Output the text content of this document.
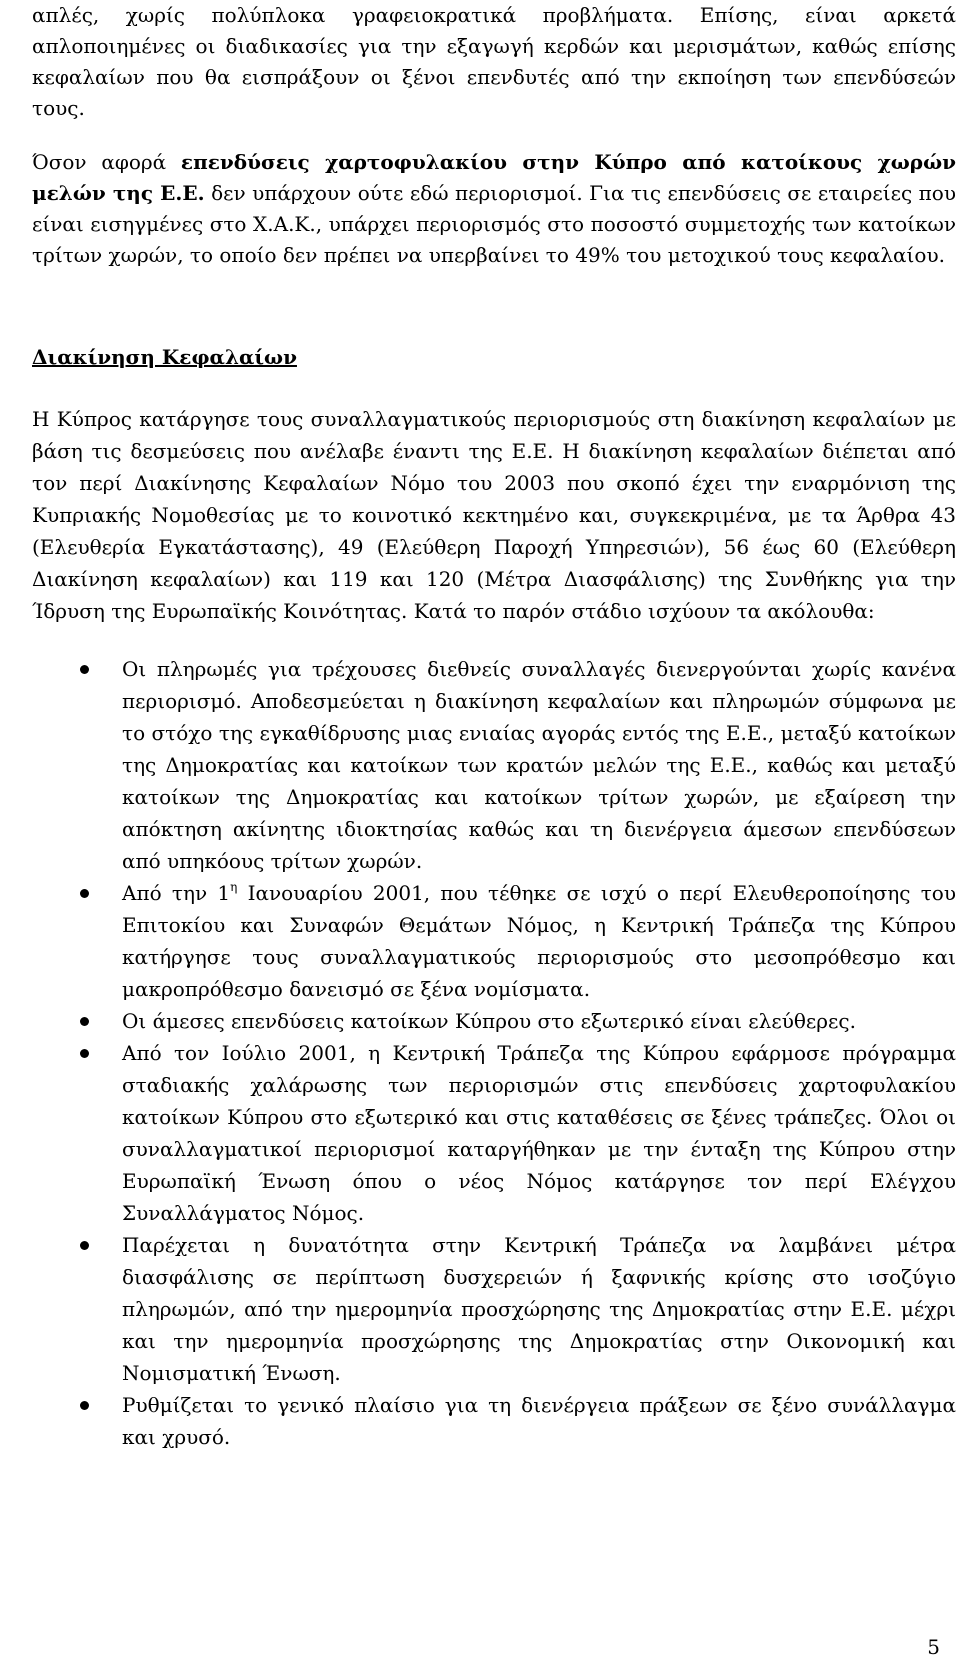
απλές, χωρίς πολύπλοκα γραφειοκρατικά προβλήματα. Επίσης, είναι αρκετά απλοποιημένες οι διαδικασίες για την εξαγωγή κερδών και μερισμάτων, καθώς επίσης κεφαλαίων που θα εισπράξουν οι ξένοι επενδυτές από την εκποίηση των επενδύσεών τους.

Όσον αφορά επενδύσεις χαρτοφυλακίου στην Κύπρο από κατοίκους χωρών μελών της Ε.Ε. δεν υπάρχουν ούτε εδώ περιορισμοί. Για τις επενδύσεις σε εταιρείες που είναι εισηγμένες στο Χ.Α.Κ., υπάρχει περιορισμός στο ποσοστό συμμετοχής των κατοίκων τρίτων χωρών, το οποίο δεν πρέπει να υπερβαίνει το 49% του μετοχικού τους κεφαλαίου.

Διακίνηση Κεφαλαίων

Η Κύπρος κατάργησε τους συναλλαγματικούς περιορισμούς στη διακίνηση κεφαλαίων με βάση τις δεσμεύσεις που ανέλαβε έναντι της Ε.Ε. Η διακίνηση κεφαλαίων διέπεται από τον περί Διακίνησης Κεφαλαίων Νόμο του 2003 που σκοπό έχει την εναρμόνιση της Κυπριακής Νομοθεσίας με το κοινοτικό κεκτημένο και, συγκεκριμένα, με τα Άρθρα 43 (Ελευθερία Εγκατάστασης), 49 (Ελεύθερη Παροχή Υπηρεσιών), 56 έως 60 (Ελεύθερη Διακίνηση κεφαλαίων) και 119 και 120 (Μέτρα Διασφάλισης) της Συνθήκης για την Ίδρυση της Ευρωπαϊκής Κοινότητας. Κατά το παρόν στάδιο ισχύουν τα ακόλουθα:

Οι πληρωμές για τρέχουσες διεθνείς συναλλαγές διενεργούνται χωρίς κανένα περιορισμό. Αποδεσμεύεται η διακίνηση κεφαλαίων και πληρωμών σύμφωνα με το στόχο της εγκαθίδρυσης μιας ενιαίας αγοράς εντός της Ε.Ε., μεταξύ κατοίκων της Δημοκρατίας και κατοίκων των κρατών μελών της Ε.Ε., καθώς και μεταξύ κατοίκων της Δημοκρατίας και κατοίκων τρίτων χωρών, με εξαίρεση την απόκτηση ακίνητης ιδιοκτησίας καθώς και τη διενέργεια άμεσων επενδύσεων από υπηκόους τρίτων χωρών.
Από την $1^\eta$ Ιανουαρίου 2001, που τέθηκε σε ισχύ ο περί Ελευθεροποίησης του Επιτοκίου και Συναφών Θεμάτων Νόμος, η Κεντρική Τράπεζα της Κύπρου κατήργησε τους συναλλαγματικούς περιορισμούς στο μεσοπρόθεσμο και μακροπρόθεσμο δανεισμό σε ξένα νομίσματα.
Οι άμεσες επενδύσεις κατοίκων Κύπρου στο εξωτερικό είναι ελεύθερες.
Από τον Ιούλιο 2001, η Κεντρική Τράπεζα της Κύπρου εφάρμοσε πρόγραμμα σταδιακής χαλάρωσης των περιορισμών στις επενδύσεις χαρτοφυλακίου κατοίκων Κύπρου στο εξωτερικό και στις καταθέσεις σε ξένες τράπεζες. Όλοι οι συναλλαγματικοί περιορισμοί καταργήθηκαν με την ένταξη της Κύπρου στην Ευρωπαϊκή Ένωση όπου ο νέος Νόμος κατάργησε τον περί Ελέγχου Συναλλάγματος Νόμος.
Παρέχεται η δυνατότητα στην Κεντρική Τράπεζα να λαμβάνει μέτρα διασφάλισης σε περίπτωση δυσχερειών ή ξαφνικής κρίσης στο ισοζύγιο πληρωμών, από την ημερομηνία προσχώρησης της Δημοκρατίας στην Ε.Ε. μέχρι και την ημερομηνία προσχώρησης της Δημοκρατίας στην Οικονομική και Νομισματική Ένωση.
Ρυθμίζεται το γενικό πλαίσιο για τη διενέργεια πράξεων σε ξένο συνάλλαγμα και χρυσό.
5
